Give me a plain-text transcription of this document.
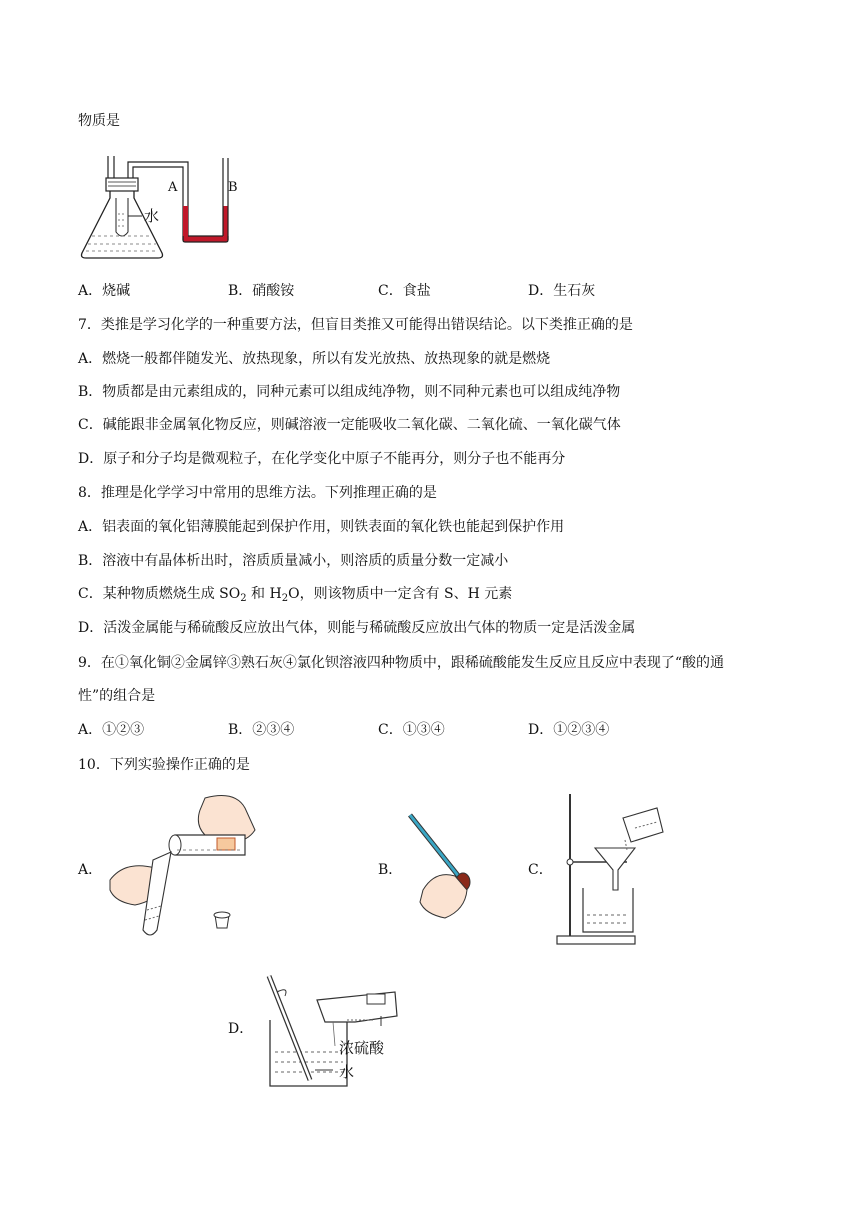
物质是
A	B
水
A．烧碱	B．硝酸铵	C．食盐	D．生石灰
7．类推是学习化学的一种重要方法，但盲目类推又可能得出错误结论。以下类推正确的是
A．燃烧一般都伴随发光、放热现象，所以有发光放热、放热现象的就是燃烧
B．物质都是由元素组成的，同种元素可以组成纯净物，则不同种元素也可以组成纯净物
C．碱能跟非金属氧化物反应，则碱溶液一定能吸收二氧化碳、二氧化硫、一氧化碳气体
D．原子和分子均是微观粒子，在化学变化中原子不能再分，则分子也不能再分
8．推理是化学学习中常用的思维方法。下列推理正确的是
A．铝表面的氧化铝薄膜能起到保护作用，则铁表面的氧化铁也能起到保护作用
B．溶液中有晶体析出时，溶质质量减小，则溶质的质量分数一定减小
C．某种物质燃烧生成 $SO_2$ 和 $H_2O$，则该物质中一定含有 S、H 元素
D．活泼金属能与稀硫酸反应放出气体，则能与稀硫酸反应放出气体的物质一定是活泼金属
9．在①氧化铜②金属锌③熟石灰④氯化钡溶液四种物质中，跟稀硫酸能发生反应且反应中表现了“酸的通
性”的组合是
A．①②③	B．②③④	C．①③④	D．①②③④
10．下列实验操作正确的是
A．	B．	C．
D．
浓硫酸
水
